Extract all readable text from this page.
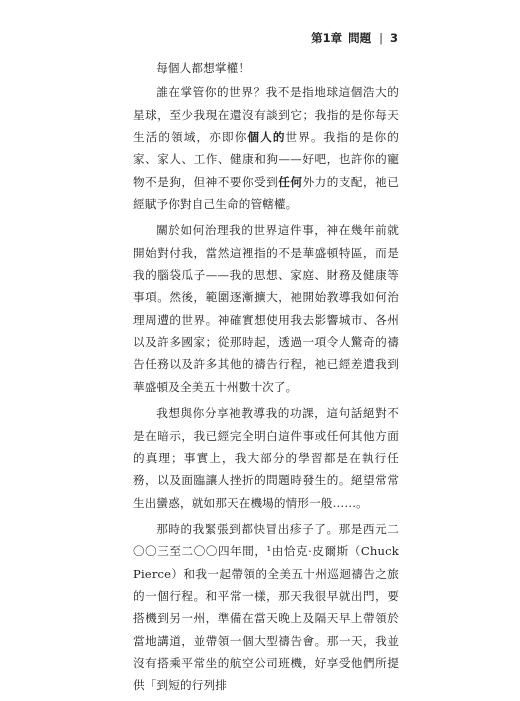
第1章 問題 | 3

每個人都想掌權！

誰在掌管你的世界？我不是指地球這個浩大的星球，至少我現在還沒有談到它；我指的是你每天生活的領域，亦即你個人的世界。我指的是你的家、家人、工作、健康和狗——好吧，也許你的寵物不是狗，但神不要你受到任何外力的支配，祂已經賦予你對自己生命的管轄權。

關於如何治理我的世界這件事，神在幾年前就開始對付我，當然這裡指的不是華盛頓特區，而是我的腦袋瓜子——我的思想、家庭、財務及健康等事項。然後，範圍逐漸擴大，祂開始教導我如何治理周遭的世界。神確實想使用我去影響城市、各州以及許多國家；從那時起，透過一項令人驚奇的禱告任務以及許多其他的禱告行程，祂已經差遣我到華盛頓及全美五十州數十次了。

我想與你分享祂教導我的功課，這句話絕對不是在暗示，我已經完全明白這件事或任何其他方面的真理；事實上，我大部分的學習都是在執行任務，以及面臨讓人挫折的問題時發生的。絕望常常生出蠻惑，就如那天在機場的情形一般……。

那時的我緊張到都快冒出疹子了。那是西元二〇〇三至二〇〇四年間，¹由恰克·皮爾斯（Chuck Pierce）和我一起帶領的全美五十州巡迴禱告之旅的一個行程。和平常一樣，那天我很早就出門，要搭機到另一州，準備在當天晚上及隔天早上帶領於當地講道，並帶領一個大型禱告會。那一天，我並沒有搭乘平常坐的航空公司班機，好享受他們所提供「到短的行列排
